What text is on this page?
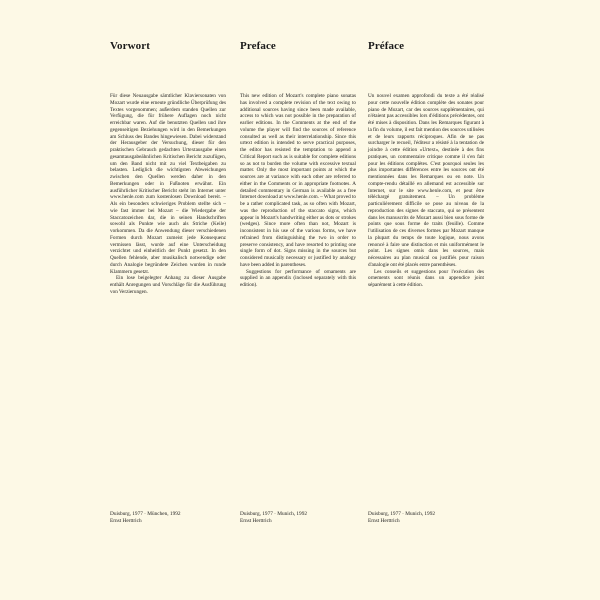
Vorwort

Für diese Neuausgabe sämtlicher Klaviersonaten von Mozart wurde eine erneute gründliche Überprüfung des Textes vorgenommen; außerdem standen Quellen zur Verfügung, die für frühere Auflagen noch nicht erreichbar waren. Auf die benutzten Quellen und ihre gegenseitigen Beziehungen wird in den Bemerkungen am Schluss des Bandes hingewiesen. Dabei widerstand der Herausgeber der Versuchung, dieser für den praktischen Gebrauch gedachten Urtextausgabe einen gesamtausgabeähnlichen Kritischen Bericht zuzufügen, um den Band nicht mit zu viel Textbeigaben zu belasten. Lediglich die wichtigsten Abweichungen zwischen den Quellen werden daher in den Bemerkungen oder in Fußnoten erwähnt. Ein ausführlicher Kritischer Bericht steht im Internet unter www.henle.com zum kostenlosen Download bereit. – Als ein besonders schwieriges Problem stellte sich – wie fast immer bei Mozart – die Wiedergabe der Staccatozeichen dar, die in seinen Handschriften sowohl als Punkte wie auch als Striche (Keile) vorkommen. Da die Anwendung dieser verschiedenen Formen durch Mozart zumeist jede Konsequenz vermissen lässt, wurde auf eine Unterscheidung verzichtet und einheitlich der Punkt gesetzt. In den Quellen fehlende, aber musikalisch notwendige oder durch Analogie begründete Zeichen wurden in runde Klammern gesetzt.

Ein lose beigelegter Anhang zu dieser Ausgabe enthält Anregungen und Vorschläge für die Ausführung von Verzierungen.

Preface

This new edition of Mozart's complete piano sonatas has involved a complete revision of the text owing to additional sources having since been made available, access to which was not possible in the preparation of earlier editions. In the Comments at the end of the volume the player will find the sources of reference consulted as well as their interrelationship. Since this urtext edition is intended to serve practical purposes, the editor has resisted the temptation to append a Critical Report such as is suitable for complete editions so as not to burden the volume with excessive textual matter. Only the most important points at which the sources are at variance with each other are referred to either in the Comments or in appropriate footnotes. A detailed commentary in German is available as a free Internet download at www.henle.com. – What proved to be a rather complicated task, as so often with Mozart, was the reproduction of the staccato signs, which appear in Mozart's handwriting either as dots or strokes (wedges). Since more often than not, Mozart is inconsistent in his use of the various forms, we have refrained from distinguishing the two in order to preserve consistency, and have resorted to printing one single form of dot. Signs missing in the sources but considered musically necessary or justified by analogy have been added in parentheses.

Suggestions for performance of ornaments are supplied in an appendix (inclosed separately with this edition).

Préface

Un nouvel examen approfondi du texte a été réalisé pour cette nouvelle édition complète des sonates pour piano de Mozart, car des sources supplémentaires, qui n'étaient pas accessibles lors d'éditions précédentes, ont été mises à disposition. Dans les Remarques figurant à la fin du volume, il est fait mention des sources utilisées et de leurs rapports réciproques. Afin de ne pas surcharger le recueil, l'éditeur a résisté à la tentation de joindre à cette édition «Urtext», destinée à des fins pratiques, un commentaire critique comme il s'en fait pour les éditions complètes. C'est pourquoi seules les plus importantes différences entre les sources ont été mentionnées dans les Remarques ou en note. Un compte-rendu détaillé en allemand est accessible sur Internet, sur le site www.henle.com, et peut être téléchargé gratuitement. – Un problème particulièrement difficile se pose au niveau de la reproduction des signes de staccato, qui se présentent dans les manuscrits de Mozart aussi bien sous forme de points que sous forme de traits (feuille). Comme l'utilisation de ces diverses formes par Mozart manque la plupart du temps de toute logique, nous avons renoncé à faire une distinction et mis uniformément le point. Les signes omis dans les sources, mais nécessaires au plan musical ou justifiés pour raison d'analogie ont été placés entre parenthèses.

Les conseils et suggestions pour l'exécution des ornements sont réunis dans un appendice joint séparément à cette édition.

Duisburg, 1977 · München, 1992
Ernst Herttrich
Duisburg, 1977 · Munich, 1992
Ernst Herttrich
Duisburg, 1977 · Munich, 1992
Ernst Herttrich
